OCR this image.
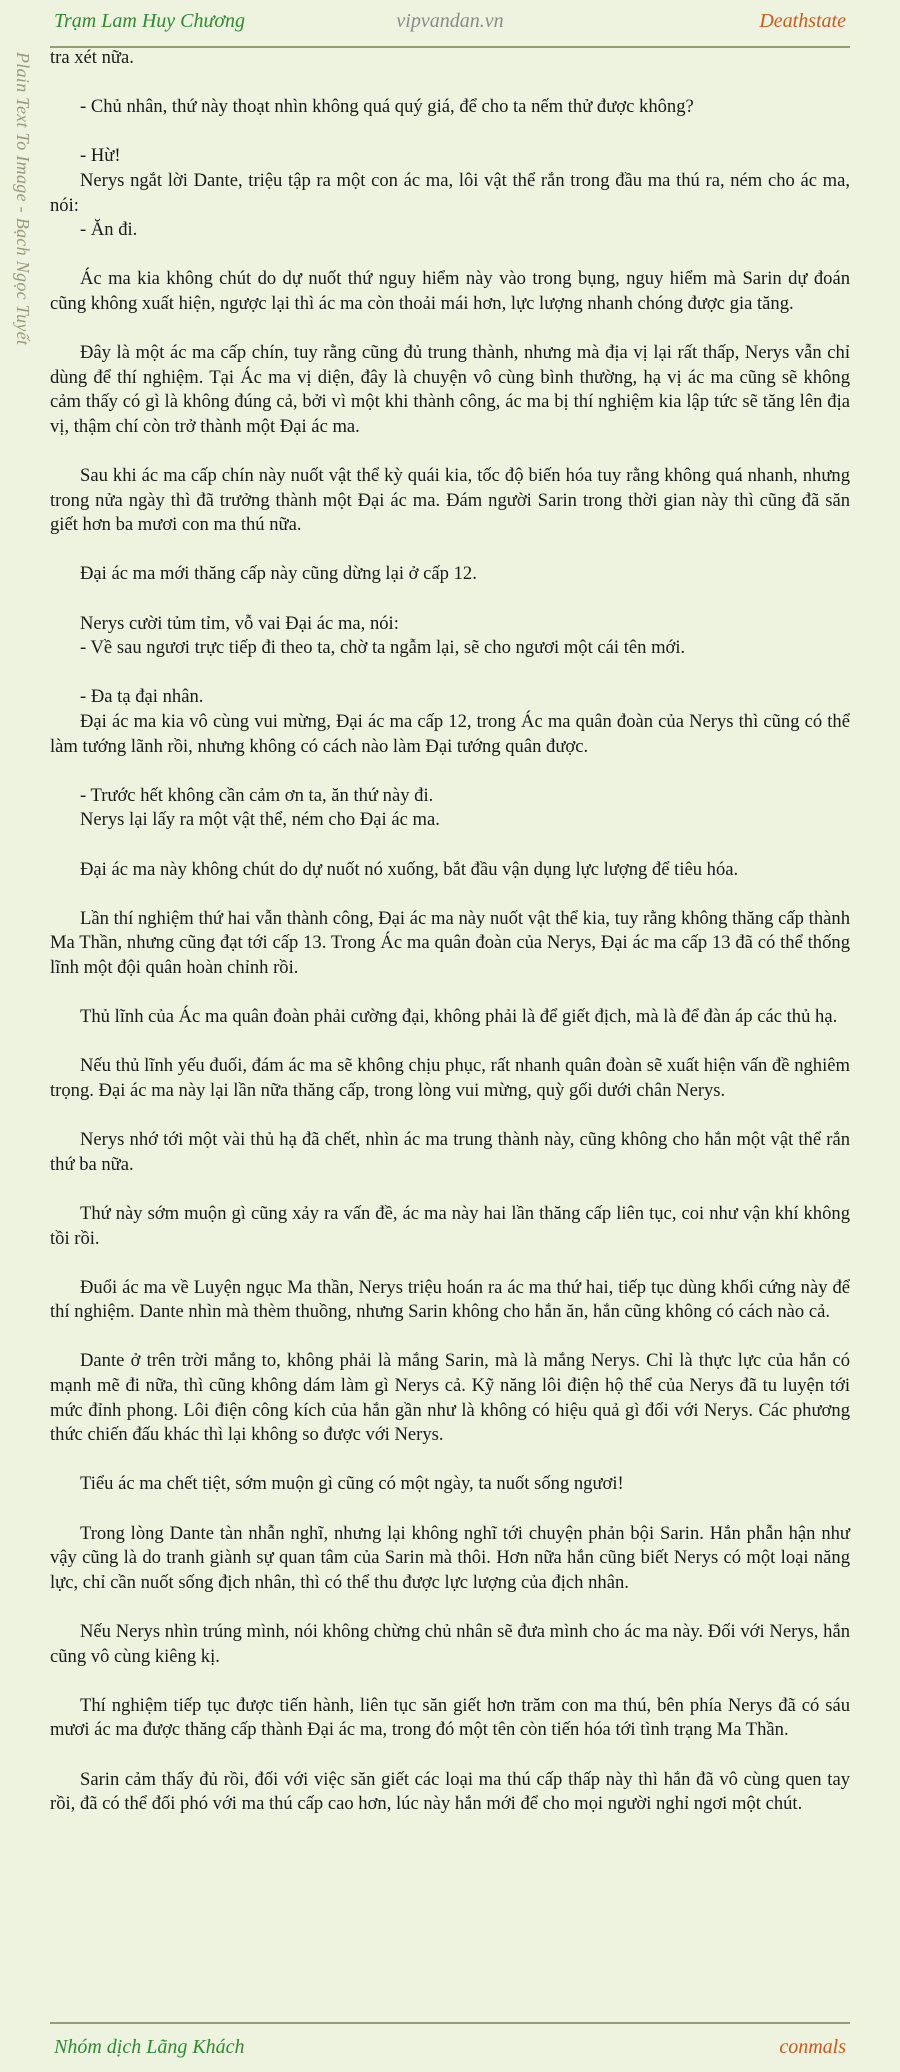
Trạm Lam Huy Chương	vipvandan.vn	Deathstate
Plain Text To Image - Bạch Ngọc Tuyết tra xét nữa.

- Chủ nhân, thứ này thoạt nhìn không quá quý giá, để cho ta nếm thử được không?

- Hừ!

Nerys ngắt lời Dante, triệu tập ra một con ác ma, lôi vật thể rắn trong đầu ma thú ra, ném cho ác ma, nói:

- Ăn đi.

Ác ma kia không chút do dự nuốt thứ nguy hiểm này vào trong bụng, nguy hiểm mà Sarin dự đoán cũng không xuất hiện, ngược lại thì ác ma còn thoải mái hơn, lực lượng nhanh chóng được gia tăng.

Đây là một ác ma cấp chín, tuy rằng cũng đủ trung thành, nhưng mà địa vị lại rất thấp, Nerys vẫn chỉ dùng để thí nghiệm. Tại Ác ma vị diện, đây là chuyện vô cùng bình thường, hạ vị ác ma cũng sẽ không cảm thấy có gì là không đúng cả, bởi vì một khi thành công, ác ma bị thí nghiệm kia lập tức sẽ tăng lên địa vị, thậm chí còn trở thành một Đại ác ma.

Sau khi ác ma cấp chín này nuốt vật thể kỳ quái kia, tốc độ biến hóa tuy rằng không quá nhanh, nhưng trong nửa ngày thì đã trưởng thành một Đại ác ma. Đám người Sarin trong thời gian này thì cũng đã săn giết hơn ba mươi con ma thú nữa.

Đại ác ma mới thăng cấp này cũng dừng lại ở cấp 12.

Nerys cười tủm tỉm, vỗ vai Đại ác ma, nói:

- Về sau ngươi trực tiếp đi theo ta, chờ ta ngẫm lại, sẽ cho ngươi một cái tên mới.

- Đa tạ đại nhân.

Đại ác ma kia vô cùng vui mừng, Đại ác ma cấp 12, trong Ác ma quân đoàn của Nerys thì cũng có thể làm tướng lãnh rồi, nhưng không có cách nào làm Đại tướng quân được.

- Trước hết không cần cảm ơn ta, ăn thứ này đi.

Nerys lại lấy ra một vật thể, ném cho Đại ác ma.

Đại ác ma này không chút do dự nuốt nó xuống, bắt đầu vận dụng lực lượng để tiêu hóa.

Lần thí nghiệm thứ hai vẫn thành công, Đại ác ma này nuốt vật thể kia, tuy rằng không thăng cấp thành Ma Thần, nhưng cũng đạt tới cấp 13. Trong Ác ma quân đoàn của Nerys, Đại ác ma cấp 13 đã có thể thống lĩnh một đội quân hoàn chỉnh rồi.

Thủ lĩnh của Ác ma quân đoàn phải cường đại, không phải là để giết địch, mà là để đàn áp các thủ hạ.

Nếu thủ lĩnh yếu đuối, đám ác ma sẽ không chịu phục, rất nhanh quân đoàn sẽ xuất hiện vấn đề nghiêm trọng. Đại ác ma này lại lần nữa thăng cấp, trong lòng vui mừng, quỳ gối dưới chân Nerys.

Nerys nhớ tới một vài thủ hạ đã chết, nhìn ác ma trung thành này, cũng không cho hắn một vật thể rắn thứ ba nữa.

Thứ này sớm muộn gì cũng xảy ra vấn đề, ác ma này hai lần thăng cấp liên tục, coi như vận khí không tồi rồi.

Đuổi ác ma về Luyện ngục Ma thần, Nerys triệu hoán ra ác ma thứ hai, tiếp tục dùng khối cứng này để thí nghiệm. Dante nhìn mà thèm thuồng, nhưng Sarin không cho hắn ăn, hắn cũng không có cách nào cả.

Dante ở trên trời mắng to, không phải là mắng Sarin, mà là mắng Nerys. Chỉ là thực lực của hắn có mạnh mẽ đi nữa, thì cũng không dám làm gì Nerys cả. Kỹ năng lôi điện hộ thể của Nerys đã tu luyện tới mức đỉnh phong. Lôi điện công kích của hắn gần như là không có hiệu quả gì đối với Nerys. Các phương thức chiến đấu khác thì lại không so được với Nerys.

Tiểu ác ma chết tiệt, sớm muộn gì cũng có một ngày, ta nuốt sống ngươi!

Trong lòng Dante tàn nhẫn nghĩ, nhưng lại không nghĩ tới chuyện phản bội Sarin. Hắn phẫn hận như vậy cũng là do tranh giành sự quan tâm của Sarin mà thôi. Hơn nữa hắn cũng biết Nerys có một loại năng lực, chỉ cần nuốt sống địch nhân, thì có thể thu được lực lượng của địch nhân.

Nếu Nerys nhìn trúng mình, nói không chừng chủ nhân sẽ đưa mình cho ác ma này. Đối với Nerys, hắn cũng vô cùng kiêng kị.

Thí nghiệm tiếp tục được tiến hành, liên tục săn giết hơn trăm con ma thú, bên phía Nerys đã có sáu mươi ác ma được thăng cấp thành Đại ác ma, trong đó một tên còn tiến hóa tới tình trạng Ma Thần.

Sarin cảm thấy đủ rồi, đối với việc săn giết các loại ma thú cấp thấp này thì hắn đã vô cùng quen tay rồi, đã có thể đối phó với ma thú cấp cao hơn, lúc này hắn mới để cho mọi người nghỉ ngơi một chút.

Nhóm dịch Lãng Khách	conmals
